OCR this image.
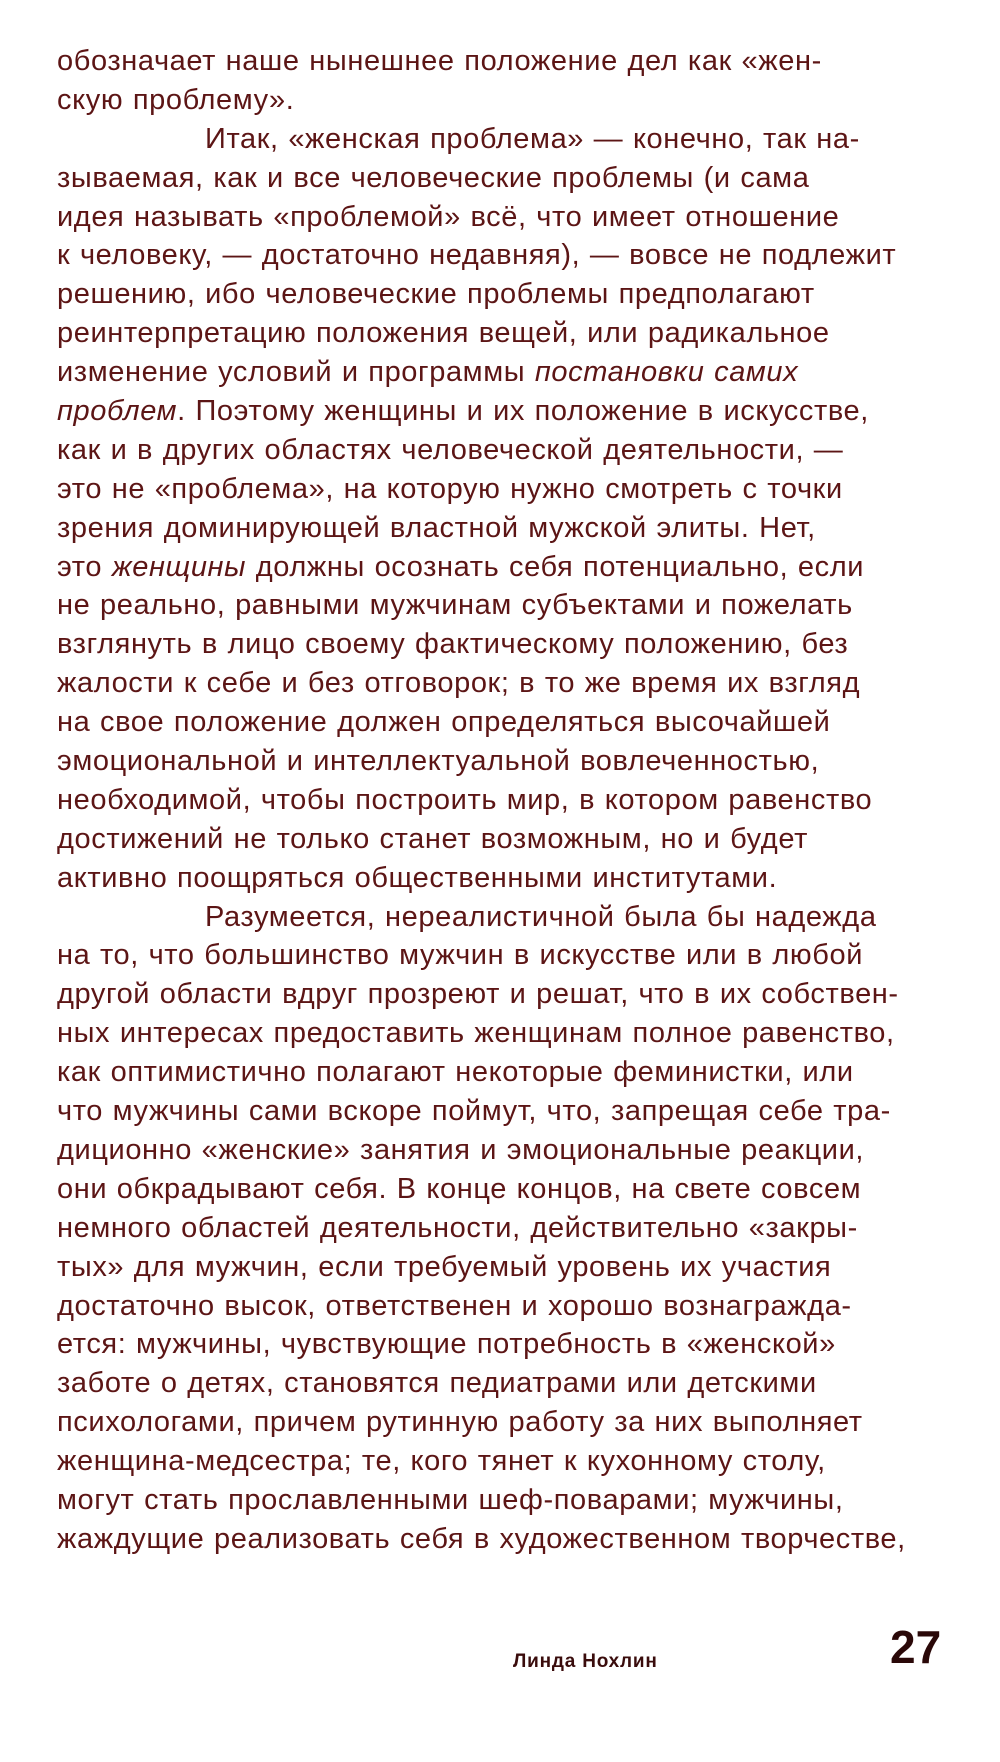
обозначает наше нынешнее положение дел как «жен-
скую проблему».
Итак, «женская проблема» — конечно, так на-
зываемая, как и все человеческие проблемы (и сама
идея называть «проблемой» всё, что имеет отношение
к человеку, — достаточно недавняя), — вовсе не подлежит
решению, ибо человеческие проблемы предполагают
реинтерпретацию положения вещей, или радикальное
изменение условий и программы постановки самих
проблем. Поэтому женщины и их положение в искусстве,
как и в других областях человеческой деятельности, —
это не «проблема», на которую нужно смотреть с точки
зрения доминирующей властной мужской элиты. Нет,
это женщины должны осознать себя потенциально, если
не реально, равными мужчинам субъектами и пожелать
взглянуть в лицо своему фактическому положению, без
жалости к себе и без отговорок; в то же время их взгляд
на свое положение должен определяться высочайшей
эмоциональной и интеллектуальной вовлеченностью,
необходимой, чтобы построить мир, в котором равенство
достижений не только станет возможным, но и будет
активно поощряться общественными институтами.
Разумеется, нереалистичной была бы надежда
на то, что большинство мужчин в искусстве или в любой
другой области вдруг прозреют и решат, что в их собствен-
ных интересах предоставить женщинам полное равенство,
как оптимистично полагают некоторые феминистки, или
что мужчины сами вскоре поймут, что, запрещая себе тра-
диционно «женские» занятия и эмоциональные реакции,
они обкрадывают себя. В конце концов, на свете совсем
немного областей деятельности, действительно «закры-
тых» для мужчин, если требуемый уровень их участия
достаточно высок, ответственен и хорошо вознагражда-
ется: мужчины, чувствующие потребность в «женской»
заботе о детях, становятся педиатрами или детскими
психологами, причем рутинную работу за них выполняет
женщина-медсестра; те, кого тянет к кухонному столу,
могут стать прославленными шеф-поварами; мужчины,
жаждущие реализовать себя в художественном творчестве,
Линда Нохлин	27
